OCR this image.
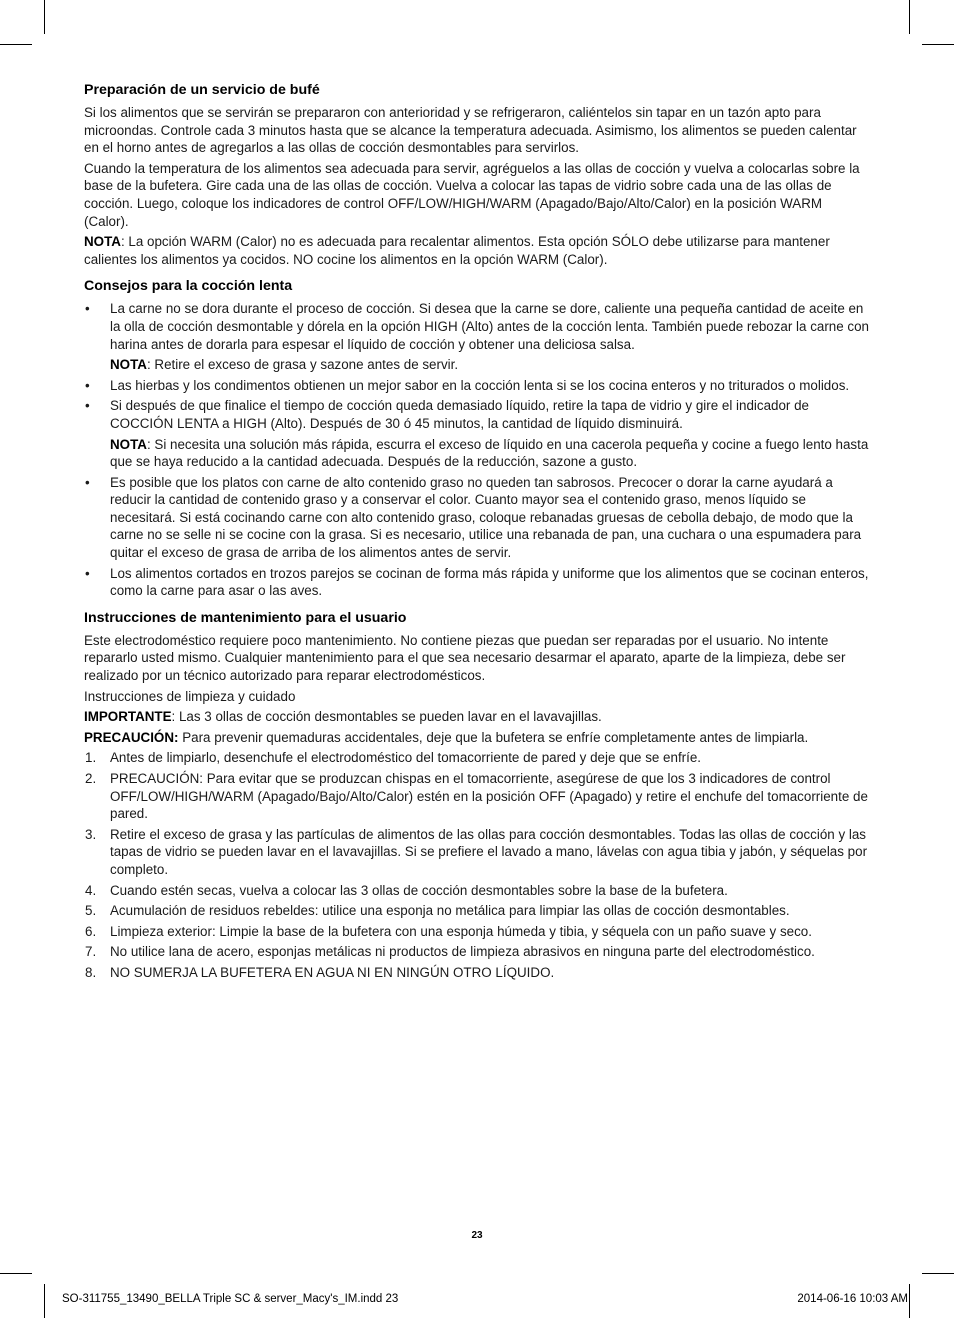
Preparación de un servicio de bufé

Si los alimentos que se servirán se prepararon con anterioridad y se refrigeraron, caliéntelos sin tapar en un tazón apto para microondas. Controle cada 3 minutos hasta que se alcance la temperatura adecuada. Asimismo, los alimentos se pueden calentar en el horno antes de agregarlos a las ollas de cocción desmontables para servirlos.

Cuando la temperatura de los alimentos sea adecuada para servir, agréguelos a las ollas de cocción y vuelva a colocarlas sobre la base de la bufetera. Gire cada una de las ollas de cocción. Vuelva a colocar las tapas de vidrio sobre cada una de las ollas de cocción. Luego, coloque los indicadores de control OFF/LOW/HIGH/WARM (Apagado/Bajo/Alto/Calor) en la posición WARM (Calor).

NOTA: La opción WARM (Calor) no es adecuada para recalentar alimentos. Esta opción SÓLO debe utilizarse para mantener calientes los alimentos ya cocidos. NO cocine los alimentos en la opción WARM (Calor).

Consejos para la cocción lenta
• La carne no se dora durante el proceso de cocción. Si desea que la carne se dore, caliente una pequeña cantidad de aceite en la olla de cocción desmontable y dórela en la opción HIGH (Alto) antes de la cocción lenta. También puede rebozar la carne con harina antes de dorarla para espesar el líquido de cocción y obtener una deliciosa salsa.
NOTA: Retire el exceso de grasa y sazone antes de servir.
• Las hierbas y los condimentos obtienen un mejor sabor en la cocción lenta si se los cocina enteros y no triturados o molidos.
• Si después de que finalice el tiempo de cocción queda demasiado líquido, retire la tapa de vidrio y gire el indicador de COCCIÓN LENTA a HIGH (Alto). Después de 30 ó 45 minutos, la cantidad de líquido disminuirá.
NOTA: Si necesita una solución más rápida, escurra el exceso de líquido en una cacerola pequeña y cocine a fuego lento hasta que se haya reducido a la cantidad adecuada. Después de la reducción, sazone a gusto.
• Es posible que los platos con carne de alto contenido graso no queden tan sabrosos. Precocer o dorar la carne ayudará a reducir la cantidad de contenido graso y a conservar el color. Cuanto mayor sea el contenido graso, menos líquido se necesitará. Si está cocinando carne con alto contenido graso, coloque rebanadas gruesas de cebolla debajo, de modo que la carne no se selle ni se cocine con la grasa. Si es necesario, utilice una rebanada de pan, una cuchara o una espumadera para quitar el exceso de grasa de arriba de los alimentos antes de servir.
• Los alimentos cortados en trozos parejos se cocinan de forma más rápida y uniforme que los alimentos que se cocinan enteros, como la carne para asar o las aves.
Instrucciones de mantenimiento para el usuario

Este electrodoméstico requiere poco mantenimiento. No contiene piezas que puedan ser reparadas por el usuario. No intente repararlo usted mismo. Cualquier mantenimiento para el que sea necesario desarmar el aparato, aparte de la limpieza, debe ser realizado por un técnico autorizado para reparar electrodomésticos.

Instrucciones de limpieza y cuidado

IMPORTANTE: Las 3 ollas de cocción desmontables se pueden lavar en el lavavajillas.

PRECAUCIÓN: Para prevenir quemaduras accidentales, deje que la bufetera se enfríe completamente antes de limpiarla.

1. Antes de limpiarlo, desenchufe el electrodoméstico del tomacorriente de pared y deje que se enfríe.
2. PRECAUCIÓN: Para evitar que se produzcan chispas en el tomacorriente, asegúrese de que los 3 indicadores de control OFF/LOW/HIGH/WARM (Apagado/Bajo/Alto/Calor) estén en la posición OFF (Apagado) y retire el enchufe del tomacorriente de pared.
3. Retire el exceso de grasa y las partículas de alimentos de las ollas para cocción desmontables. Todas las ollas de cocción y las tapas de vidrio se pueden lavar en el lavavajillas. Si se prefiere el lavado a mano, lávelas con agua tibia y jabón, y séquelas por completo.
4. Cuando estén secas, vuelva a colocar las 3 ollas de cocción desmontables sobre la base de la bufetera.
5. Acumulación de residuos rebeldes: utilice una esponja no metálica para limpiar las ollas de cocción desmontables.
6. Limpieza exterior: Limpie la base de la bufetera con una esponja húmeda y tibia, y séquela con un paño suave y seco.
7. No utilice lana de acero, esponjas metálicas ni productos de limpieza abrasivos en ninguna parte del electrodoméstico.
8. NO SUMERJA LA BUFETERA EN AGUA NI EN NINGÚN OTRO LÍQUIDO.
23
SO-311755_13490_BELLA Triple SC & server_Macy's_IM.indd 23	2014-06-16 10:03 AM
